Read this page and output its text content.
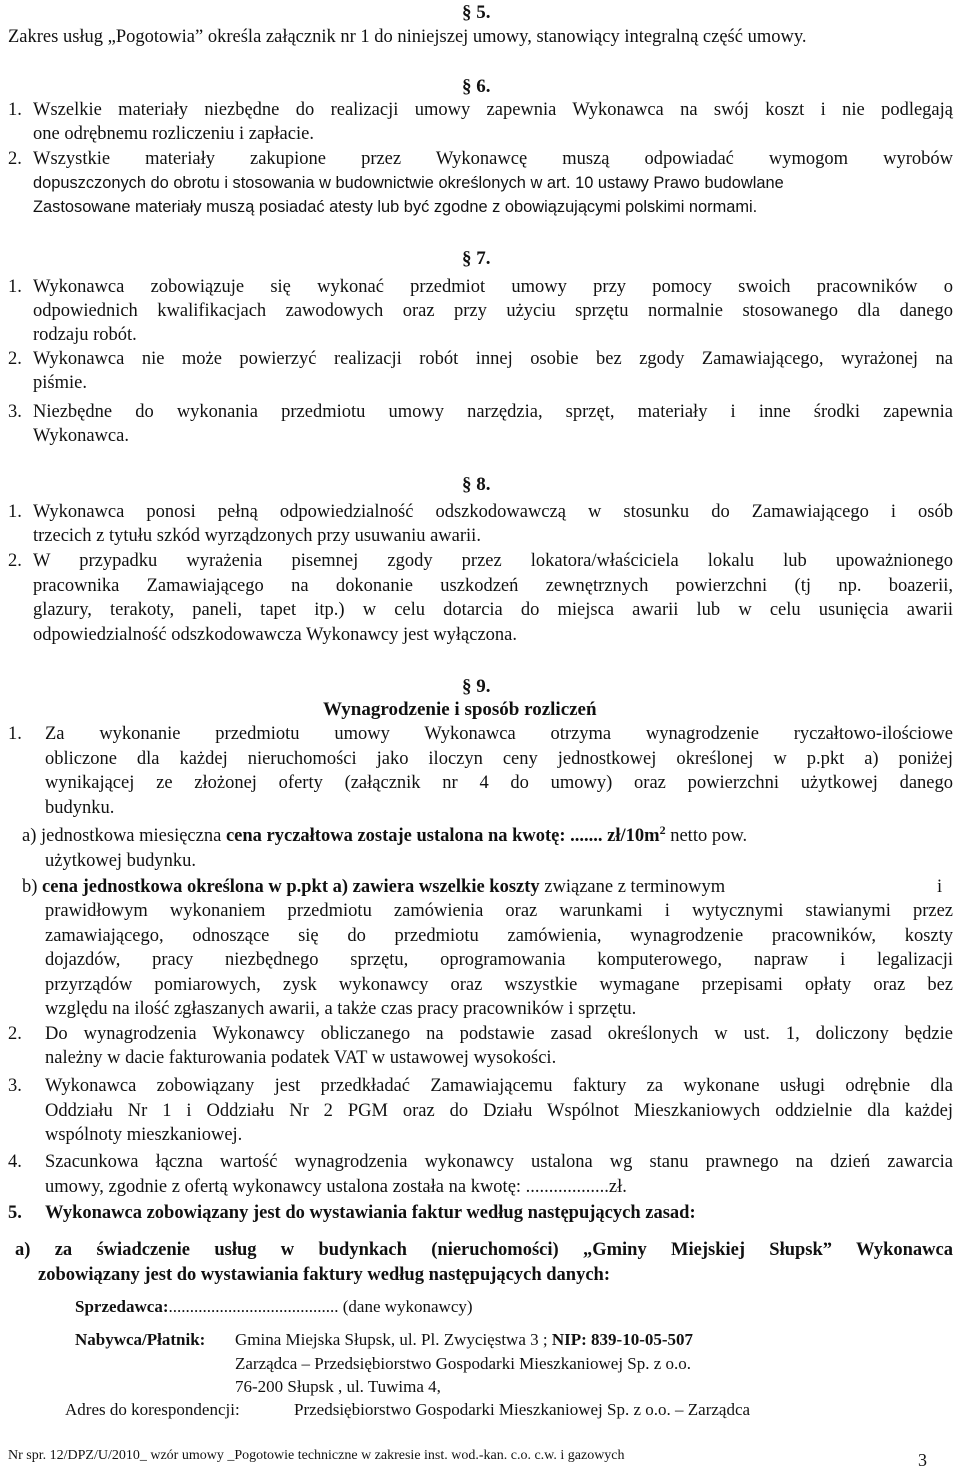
§ 5.
Zakres usług „Pogotowia” określa załącznik nr 1 do niniejszej umowy, stanowiący integralną część umowy.
§ 6.
1. Wszelkie materiały niezbędne do realizacji umowy zapewnia Wykonawca na swój koszt i nie podlegają
one odrębnemu rozliczeniu i zapłacie.
2. Wszystkie materiały zakupione przez Wykonawcę muszą odpowiadać wymogom wyrobów
dopuszczonych do obrotu i stosowania w budownictwie określonych w art. 10 ustawy Prawo budowlane
Zastosowane materiały muszą posiadać atesty lub być zgodne z obowiązującymi polskimi normami.
§ 7.
1. Wykonawca zobowiązuje się wykonać przedmiot umowy przy pomocy swoich pracowników o
odpowiednich kwalifikacjach zawodowych oraz przy użyciu sprzętu normalnie stosowanego dla danego
rodzaju robót.
2. Wykonawca nie może powierzyć realizacji robót innej osobie bez zgody Zamawiającego, wyrażonej na
piśmie.
3. Niezbędne do wykonania przedmiotu umowy narzędzia, sprzęt, materiały i inne środki zapewnia
Wykonawca.
§ 8.
1. Wykonawca ponosi pełną odpowiedzialność odszkodowawczą w stosunku do Zamawiającego i osób
trzecich z tytułu szkód wyrządzonych przy usuwaniu awarii.
2. W przypadku wyrażenia pisemnej zgody przez lokatora/właściciela lokalu lub upoważnionego
pracownika Zamawiającego na dokonanie uszkodzeń zewnętrznych powierzchni (tj np. boazerii,
glazury, terakoty, paneli, tapet itp.) w celu dotarcia do miejsca awarii lub w celu usunięcia awarii
odpowiedzialność odszkodowawcza Wykonawcy jest wyłączona.
§ 9.
Wynagrodzenie i sposób rozliczeń
1. Za wykonanie przedmiotu umowy Wykonawca otrzyma wynagrodzenie ryczałtowo-ilościowe
obliczone dla każdej nieruchomości jako iloczyn ceny jednostkowej określonej w p.pkt a) poniżej
wynikającej ze złożonej oferty (załącznik nr 4 do umowy) oraz powierzchni użytkowej danego
budynku.
a) jednostkowa miesięczna cena ryczałtowa zostaje ustalona na kwotę: ....... $zł/10m^2$ netto pow.
użytkowej budynku.
b) cena jednostkowa określona w p.pkt a) zawiera wszelkie koszty związane z terminowym	i
prawidłowym wykonaniem przedmiotu zamówienia oraz warunkami i wytycznymi stawianymi przez
zamawiającego, odnoszące się do przedmiotu zamówienia, wynagrodzenie pracowników, koszty
dojazdów, pracy niezbędnego sprzętu, oprogramowania komputerowego, napraw i legalizacji
przyrządów pomiarowych, zysk wykonawcy oraz wszystkie wymagane przepisami opłaty oraz bez
względu na ilość zgłaszanych awarii, a także czas pracy pracowników i sprzętu.
2. Do wynagrodzenia Wykonawcy obliczanego na podstawie zasad określonych w ust. 1, doliczony będzie
należny w dacie fakturowania podatek VAT w ustawowej wysokości.
3. Wykonawca zobowiązany jest przedkładać Zamawiającemu faktury za wykonane usługi odrębnie dla
Oddziału Nr 1 i Oddziału Nr 2 PGM oraz do Działu Wspólnot Mieszkaniowych oddzielnie dla każdej
wspólnoty mieszkaniowej.
4. Szacunkowa łączna wartość wynagrodzenia wykonawcy ustalona wg stanu prawnego na dzień zawarcia
umowy, zgodnie z ofertą wykonawcy ustalona została na kwotę: ..................zł.
5. Wykonawca zobowiązany jest do wystawiania faktur według następujących zasad:
a) za świadczenie usług w budynkach (nieruchomości) „Gminy Miejskiej Słupsk” Wykonawca
zobowiązany jest do wystawiania faktury według następujących danych:
Sprzedawca:........................................ (dane wykonawcy)
Nabywca/Płatnik: Gmina Miejska Słupsk, ul. Pl. Zwycięstwa 3 ; NIP: 839-10-05-507
Zarządca – Przedsiębiorstwo Gospodarki Mieszkaniowej Sp. z o.o.
76-200 Słupsk , ul. Tuwima 4,
Adres do korespondencji:	Przedsiębiorstwo Gospodarki Mieszkaniowej Sp. z o.o. – Zarządca
Nr spr. 12/DPZ/U/2010_ wzór umowy _Pogotowie techniczne w zakresie inst. wod.-kan. c.o. c.w. i gazowych	3
